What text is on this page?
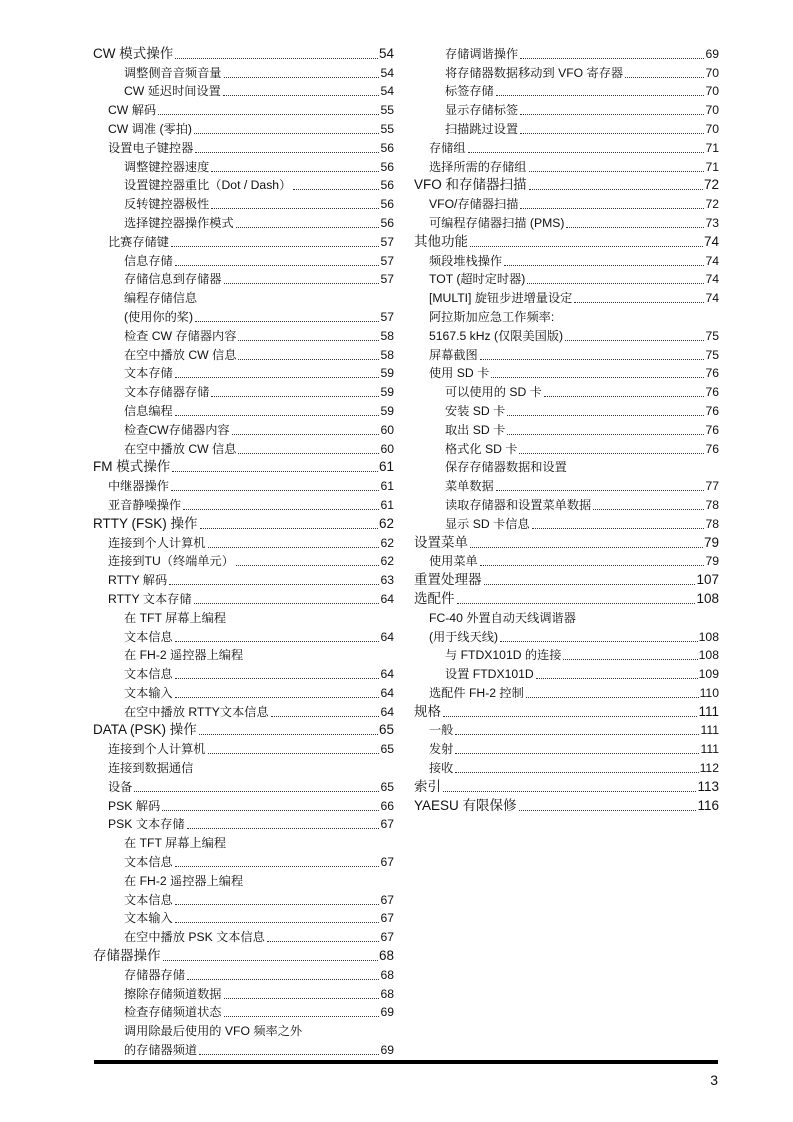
CW 模式操作	54
调整侧音音频音量	54
CW 延迟时间设置	54
CW 解码	55
CW 调准 (零拍)	55
设置电子键控器	56
调整键控器速度	56
设置键控器重比（Dot / Dash）	56
反转键控器极性	56
选择键控器操作模式	56
比赛存储键	57
信息存储	57
存储信息到存储器	57
编程存储信息
(使用你的桨)	57
检查 CW 存储器内容	58
在空中播放 CW 信息	58
文本存储	59
文本存储器存储	59
信息编程	59
检查CW存储器内容	60
在空中播放 CW 信息	60
FM 模式操作	61
中继器操作	61
亚音静噪操作	61
RTTY (FSK) 操作	62
连接到个人计算机	62
连接到TU（终端单元）	62
RTTY 解码	63
RTTY 文本存储	64
在 TFT 屏幕上编程
文本信息	64
在 FH-2 遥控器上编程
文本信息	64
文本输入	64
在空中播放 RTTY文本信息	64
DATA (PSK) 操作	65
连接到个人计算机	65
连接到数据通信
设备	65
PSK 解码	66
PSK 文本存储	67
在 TFT 屏幕上编程
文本信息	67
在 FH-2 遥控器上编程
文本信息	67
文本输入	67
在空中播放 PSK 文本信息	67
存储器操作	68
存储器存储	68
擦除存储频道数据	68
检查存储频道状态	69
调用除最后使用的 VFO 频率之外
的存储器频道	69
存储调谐操作	69
将存储器数据移动到 VFO 寄存器	70
标签存储	70
显示存储标签	70
扫描跳过设置	70
存储组	71
选择所需的存储组	71
VFO 和存储器扫描	72
VFO/存储器扫描	72
可编程存储器扫描 (PMS)	73
其他功能	74
频段堆栈操作	74
TOT (超时定时器)	74
[MULTI] 旋钮步进增量设定	74
阿拉斯加应急工作频率:
5167.5 kHz (仅限美国版)	75
屏幕截图	75
使用 SD 卡	76
可以使用的 SD 卡	76
安装 SD 卡	76
取出 SD 卡	76
格式化 SD 卡	76
保存存储器数据和设置
菜单数据	77
读取存储器和设置菜单数据	78
显示 SD 卡信息	78
设置菜单	79
使用菜单	79
重置处理器	107
选配件	108
FC-40 外置自动天线调谐器
(用于线天线)	108
与 FTDX101D 的连接	108
设置 FTDX101D	109
选配件 FH-2 控制	110
规格	111
一般	111
发射	111
接收	112
索引	113
YAESU 有限保修	116
3
